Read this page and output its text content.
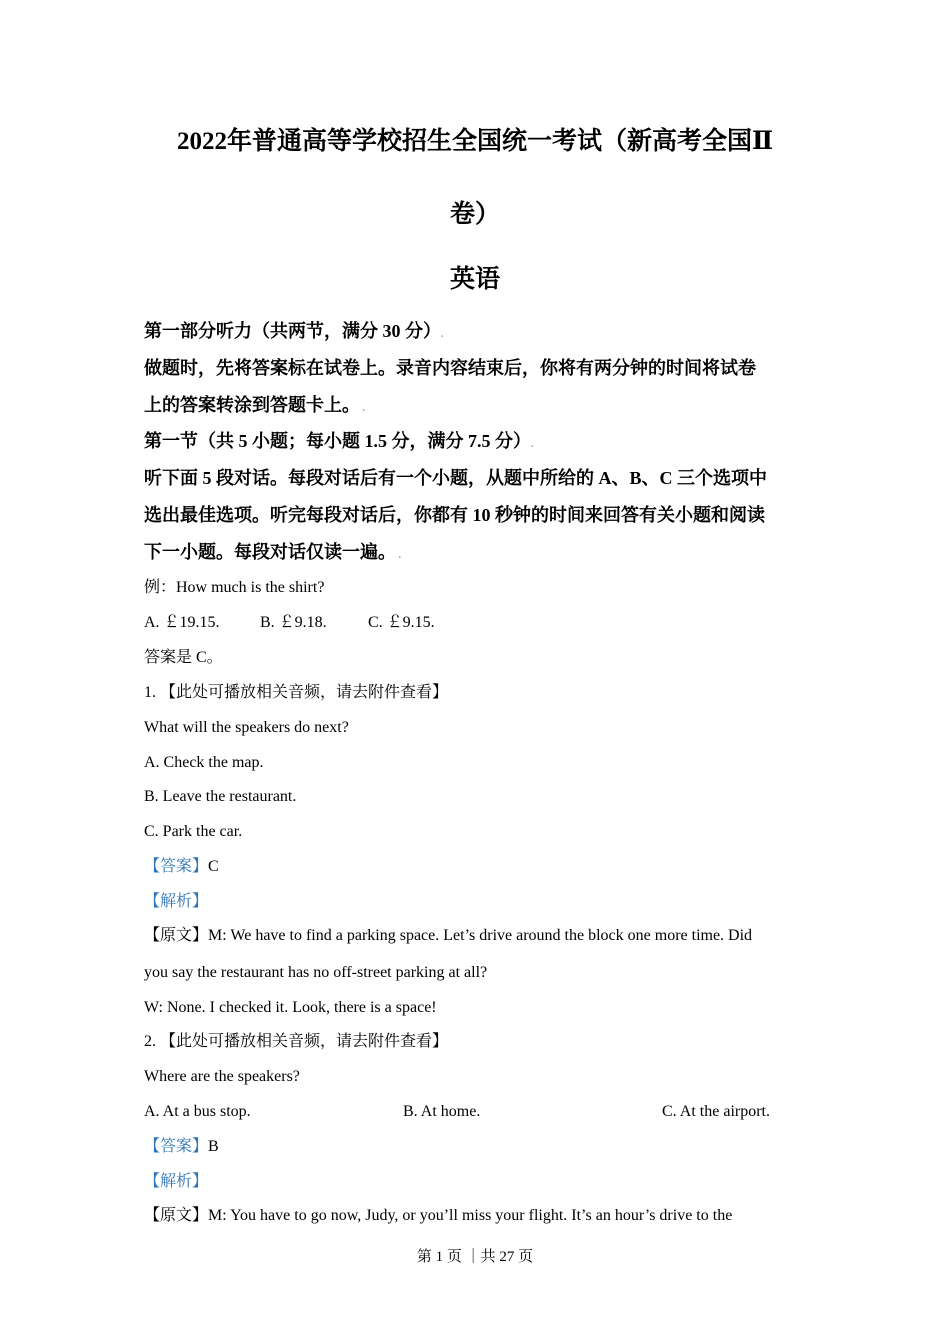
2022年普通高等学校招生全国统一考试（新高考全国Ⅱ
卷）
英语
第一部分听力（共两节，满分 30 分）.
做题时，先将答案标在试卷上。录音内容结束后，你将有两分钟的时间将试卷
上的答案转涂到答题卡上。 .
第一节（共 5 小题；每小题 1.5 分，满分 7.5 分）.
听下面 5 段对话。每段对话后有一个小题，从题中所给的 A、B、C 三个选项中
选出最佳选项。听完每段对话后，你都有 10 秒钟的时间来回答有关小题和阅读
下一小题。每段对话仅读一遍。 .
例：How much is the shirt?
A. ￡19.15.	B. ￡9.18.	C. ￡9.15.
答案是 C。
1. 【此处可播放相关音频，请去附件查看】
What will the speakers do next?
A. Check the map.
B. Leave the restaurant.
C. Park the car.
【答案】C
【解析】
【原文】M: We have to find a parking space. Let’s drive around the block one more time. Did
you say the restaurant has no off-street parking at all?
W: None. I checked it. Look, there is a space!
2. 【此处可播放相关音频，请去附件查看】
Where are the speakers?
A. At a bus stop.	B. At home.	C. At the airport.
【答案】B
【解析】
【原文】M: You have to go now, Judy, or you’ll miss your flight. It’s an hour’s drive to the
第 1 页 ｜共 27 页
